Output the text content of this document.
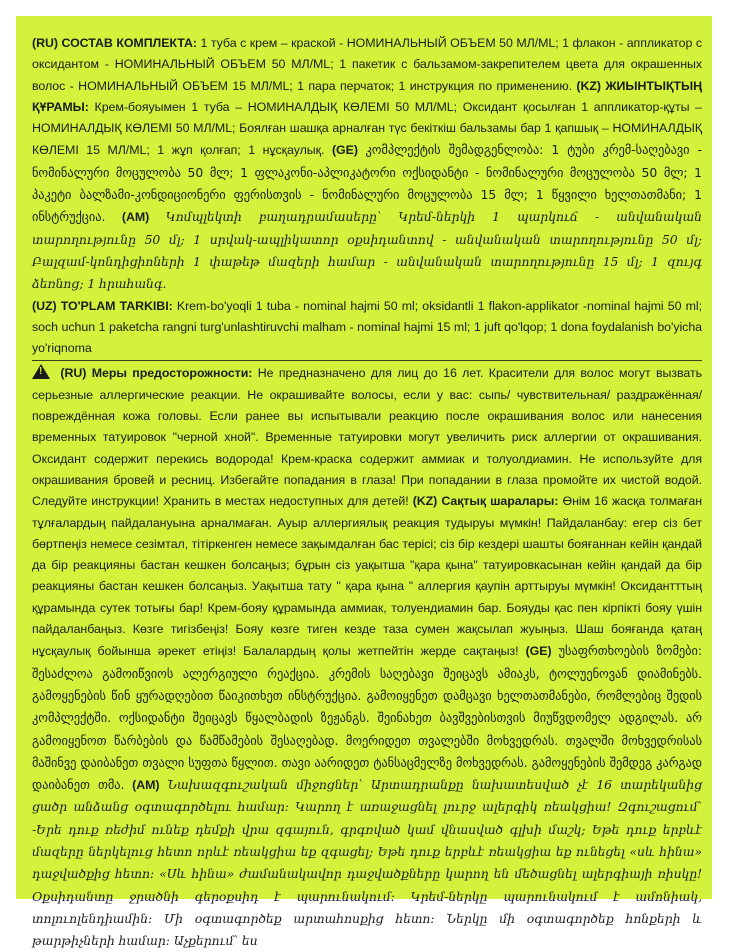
(RU) СОСТАВ КОМПЛЕКТА: 1 туба с крем – краской - НОМИНАЛЬНЫЙ ОБЪЕМ 50 МЛ/ML; 1 флакон - аппликатор с оксидантом - НОМИНАЛЬНЫЙ ОБЪЕМ 50 МЛ/ML; 1 пакетик с бальзамом-закрепителем цвета для окрашенных волос - НОМИНАЛЬНЫЙ ОБЪЕМ 15 МЛ/ML; 1 пара перчаток; 1 инструкция по применению. (KZ) ЖИЫНТЫҚТЫҢ ҚҰРАМЫ: Крем-бояуымен 1 туба – НОМИНАЛДЫҚ КӨЛЕМІ 50 МЛ/ML; Оксидант қосылған 1 аппликатор-құты – НОМИНАЛДЫҚ КӨЛЕМІ 50 МЛ/ML; Боялған шашқа арналған түс бекіткіш бальзамы бар 1 қапшық – НОМИНАЛДЫҚ КӨЛЕМІ 15 МЛ/ML; 1 жұп қолғап; 1 нұсқаулық. (GE) კომპლექტის შემადგენლობა: 1 ტუბი კრემ-საღებავი - ნომინალური მოცულობა 50 მლ; 1 ფლაკონი-აპლიკატორი ოქსიდანტი - ნომინალური მოცულობა 50 მლ; 1 პაკეტი ბალზამი-კონდიციონერი ფერისთვის - ნომინალური მოცულობა 15 მლ; 1 წყვილი ხელთათმანი; 1 ინსტრუქცია. (AM) Կոմպլեկտի բաղադրամասերը՝ Կրեմ-ներկի 1 պարկուճ - անվանական տարողությունը 50 մլ; 1 սրվակ-ապլիկատոր օքսիդանտով - անվանական տարողությունը 50 մլ; Բալզամ-կոնդիցիոների 1 փաթեթ մազերի համար - անվանական տարողությունը 15 մլ; 1 զույգ ձեռնոց; 1 հրահանգ.

(UZ) TO'PLAM TARKIBI: Krem-bo'yoqli 1 tuba - nominal hajmi 50 ml; oksidantli 1 flakon-applikator -nominal hajmi 50 ml; soch uchun 1 paketcha rangni turg'unlashtiruvchi malham - nominal hajmi 15 ml; 1 juft qo'lqop; 1 dona foydalanish bo'yicha yo'riqnoma

! (RU) Меры предосторожности: Не предназначено для лиц до 16 лет. Красители для волос могут вызвать серьезные аллергические реакции. Не окрашивайте волосы, если у вас: сыпь/ чувствительная/ раздражённая/повреждённая кожа головы. Если ранее вы испытывали реакцию после окрашивания волос или нанесения временных татуировок "черной хной". Временные татуировки могут увеличить риск аллергии от окрашивания. Оксидант содержит перекись водорода! Крем-краска содержит аммиак и толуолдиамин. Не используйте для окрашивания бровей и ресниц. Избегайте попадания в глаза! При попадании в глаза промойте их чистой водой. Следуйте инструкции! Хранить в местах недоступных для детей! (KZ) Сақтық шаралары: Өнім 16 жасқа толмаған тұлғалардың пайдалануына арналмаған. Ауыр аллергиялық реакция тудыруы мүмкін! Пайдаланбау: егер сіз бет бөртпеңіз немесе сезімтал, тітіркенген немесе зақымдалған бас терісі; сіз бір кездері шашты бояғаннан кейін қандай да бір реакцияны бастан кешкен болсаңыз; бұрын сіз уақытша "қара қына" татуировкасынан кейін қандай да бір реакцияны бастан кешкен болсаңыз. Уақытша тату " қара қына " аллергия қаупін арттыруы мүмкін! Оксидантттың құрамында сутек тотығы бар! Крем-бояу құрамында аммиак, толуендиамин бар. Бояуды қас пен кірпікті бояу үшін пайдаланбаңыз. Көзге тигізбеңіз! Бояу көзге тиген кезде таза сумен жақсылап жуыңыз. Шаш бояғанда қатаң нұсқаулық бойынша әрекет етіңіз! Балалардың қолы жетпейтін жерде сақтаңыз! (GE) უსაფრთხოების ზომები: შესაძლოა გამოიწვიოს ალერგიული რეაქცია. კრემის საღებავი შეიცავს ამიაკს, ტოლუენოვან დიამინებს. გამოყენების წინ ყურადღებით წაიკითხეთ ინსტრუქცია. გამოიყენეთ დამცავი ხელთათმანები, რომლებიც შედის კომპლექტში. ოქსიდანტი შეიცავს წყალბადის ზეჟანგს. შეინახეთ ბავშვებისთვის მიუწვდომელ ადგილას. არ გამოიყენოთ წარბების და წამწამების შესაღებად. მოერიდეთ თვალებში მოხვედრას. თვალში მოხვედრისას მაშინვე დაიბანეთ თვალი სუფთა წყლით. თავი აარიდეთ ტანსაცმელზე მოხვედრას. გამოყენების შემდეგ კარგად დაიბანეთ თმა. (AM) Նախազգուշական միջոցներ՝ Արտադրանքը նախատեսված չէ 16 տարեկանից ցածր անձանց օգտագործելու համար: Կարող է առաջացնել լուրջ ալերգիկ ռեակցիա! Զգուշացում՝ -Երե դուք ռեժիմ ունեք դեմքի վրա զգայուն, գրգռված կամ վնասված գլխի մաշկ; Եթե դուք երբևէ մազերը ներկելուց հետո որևէ ռեակցիա եք զգացել; Եթե դուք երբևէ ռեակցիա եք ունեցել «սև հինա» դաջվածքից հետո: «Սև հինա» ժամանակավոր դաջվածքները կարող են մեծացնել ալերգիայի ռիսկը! Օքսիդանտը ջրածնի գերօքսիդ է պարունակում: Կրեմ-ներկը պարունակում է ամոնիակ, տոլուոլենդիամին: Մի օգտագործեք արտահոսքից հետո: Ներկը մի օգտագործեք հոնքերի և թարթիչների համար: Աչքերում՝ ես
